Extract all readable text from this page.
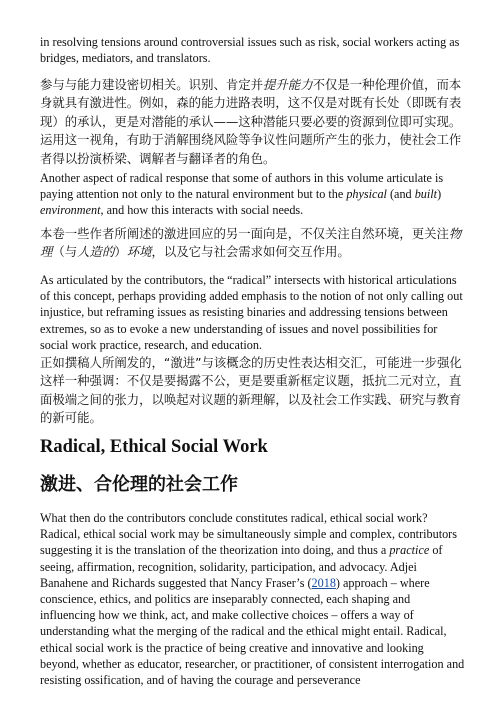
in resolving tensions around controversial issues such as risk, social workers acting as bridges, mediators, and translators.

参与与能力建设密切相关。识别、肯定并提升能力不仅是一种伦理价值，而本身就具有激进性。例如，森的能力进路表明，这不仅是对既有长处（即既有表现）的承认，更是对潜能的承认——这种潜能只要必要的资源到位即可实现。运用这一视角，有助于消解围绕风险等争议性问题所产生的张力，使社会工作者得以扮演桥梁、调解者与翻译者的角色。

Another aspect of radical response that some of authors in this volume articulate is paying attention not only to the natural environment but to the physical (and built) environment, and how this interacts with social needs.

本卷一些作者所阐述的激进回应的另一面向是，不仅关注自然环境，更关注物理（与人造的）环境，以及它与社会需求如何交互作用。

As articulated by the contributors, the “radical” intersects with historical articulations of this concept, perhaps providing added emphasis to the notion of not only calling out injustice, but reframing issues as resisting binaries and addressing tensions between extremes, so as to evoke a new understanding of issues and novel possibilities for social work practice, research, and education.

正如撰稿人所阐发的，“激进”与该概念的历史性表达相交汇，可能进一步强化这样一种强调：不仅是要揭露不公，更是要重新框定议题，抵抗二元对立，直面极端之间的张力，以唤起对议题的新理解，以及社会工作实践、研究与教育的新可能。

Radical, Ethical Social Work
激进、合伦理的社会工作

What then do the contributors conclude constitutes radical, ethical social work? Radical, ethical social work may be simultaneously simple and complex, contributors suggesting it is the translation of the theorization into doing, and thus a practice of seeing, affirmation, recognition, solidarity, participation, and advocacy. Adjei Banahene and Richards suggested that Nancy Fraser’s (2018) approach – where conscience, ethics, and politics are inseparably connected, each shaping and influencing how we think, act, and make collective choices – offers a way of understanding what the merging of the radical and the ethical might entail. Radical, ethical social work is the practice of being creative and innovative and looking beyond, whether as educator, researcher, or practitioner, of consistent interrogation and resisting ossification, and of having the courage and perseverance
